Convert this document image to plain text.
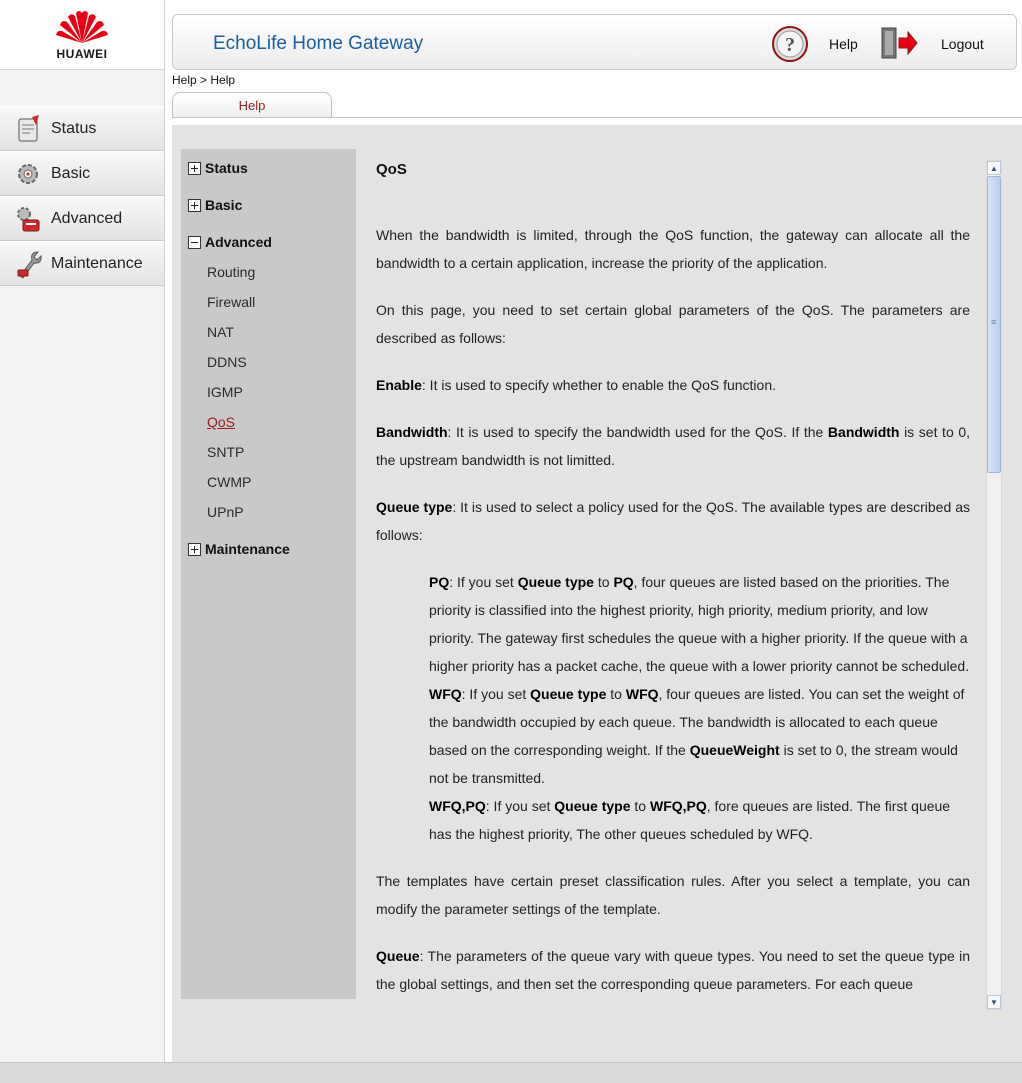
HUAWEI
Status
Basic
Advanced
Maintenance
EchoLife Home Gateway	? Help	Logout
Help > Help
Help
Status
Basic
Advanced
Routing
Firewall
NAT
DDNS
IGMP
QoS
SNTP
CWMP
UPnP
Maintenance
QoS

When the bandwidth is limited, through the QoS function, the gateway can allocate all the bandwidth to a certain application, increase the priority of the application.

On this page, you need to set certain global parameters of the QoS. The parameters are described as follows:

Enable: It is used to specify whether to enable the QoS function.

Bandwidth: It is used to specify the bandwidth used for the QoS. If the Bandwidth is set to 0, the upstream bandwidth is not limitted.

Queue type: It is used to select a policy used for the QoS. The available types are described as follows:

PQ: If you set Queue type to PQ, four queues are listed based on the priorities. The priority is classified into the highest priority, high priority, medium priority, and low priority. The gateway first schedules the queue with a higher priority. If the queue with a higher priority has a packet cache, the queue with a lower priority cannot be scheduled.

WFQ: If you set Queue type to WFQ, four queues are listed. You can set the weight of the bandwidth occupied by each queue. The bandwidth is allocated to each queue based on the corresponding weight. If the QueueWeight is set to 0, the stream would not be transmitted.

WFQ,PQ: If you set Queue type to WFQ,PQ, fore queues are listed. The first queue has the highest priority, The other queues scheduled by WFQ.

The templates have certain preset classification rules. After you select a template, you can modify the parameter settings of the template.

Queue: The parameters of the queue vary with queue types. You need to set the queue type in the global settings, and then set the corresponding queue parameters. For each queue

▲
≡
▼
